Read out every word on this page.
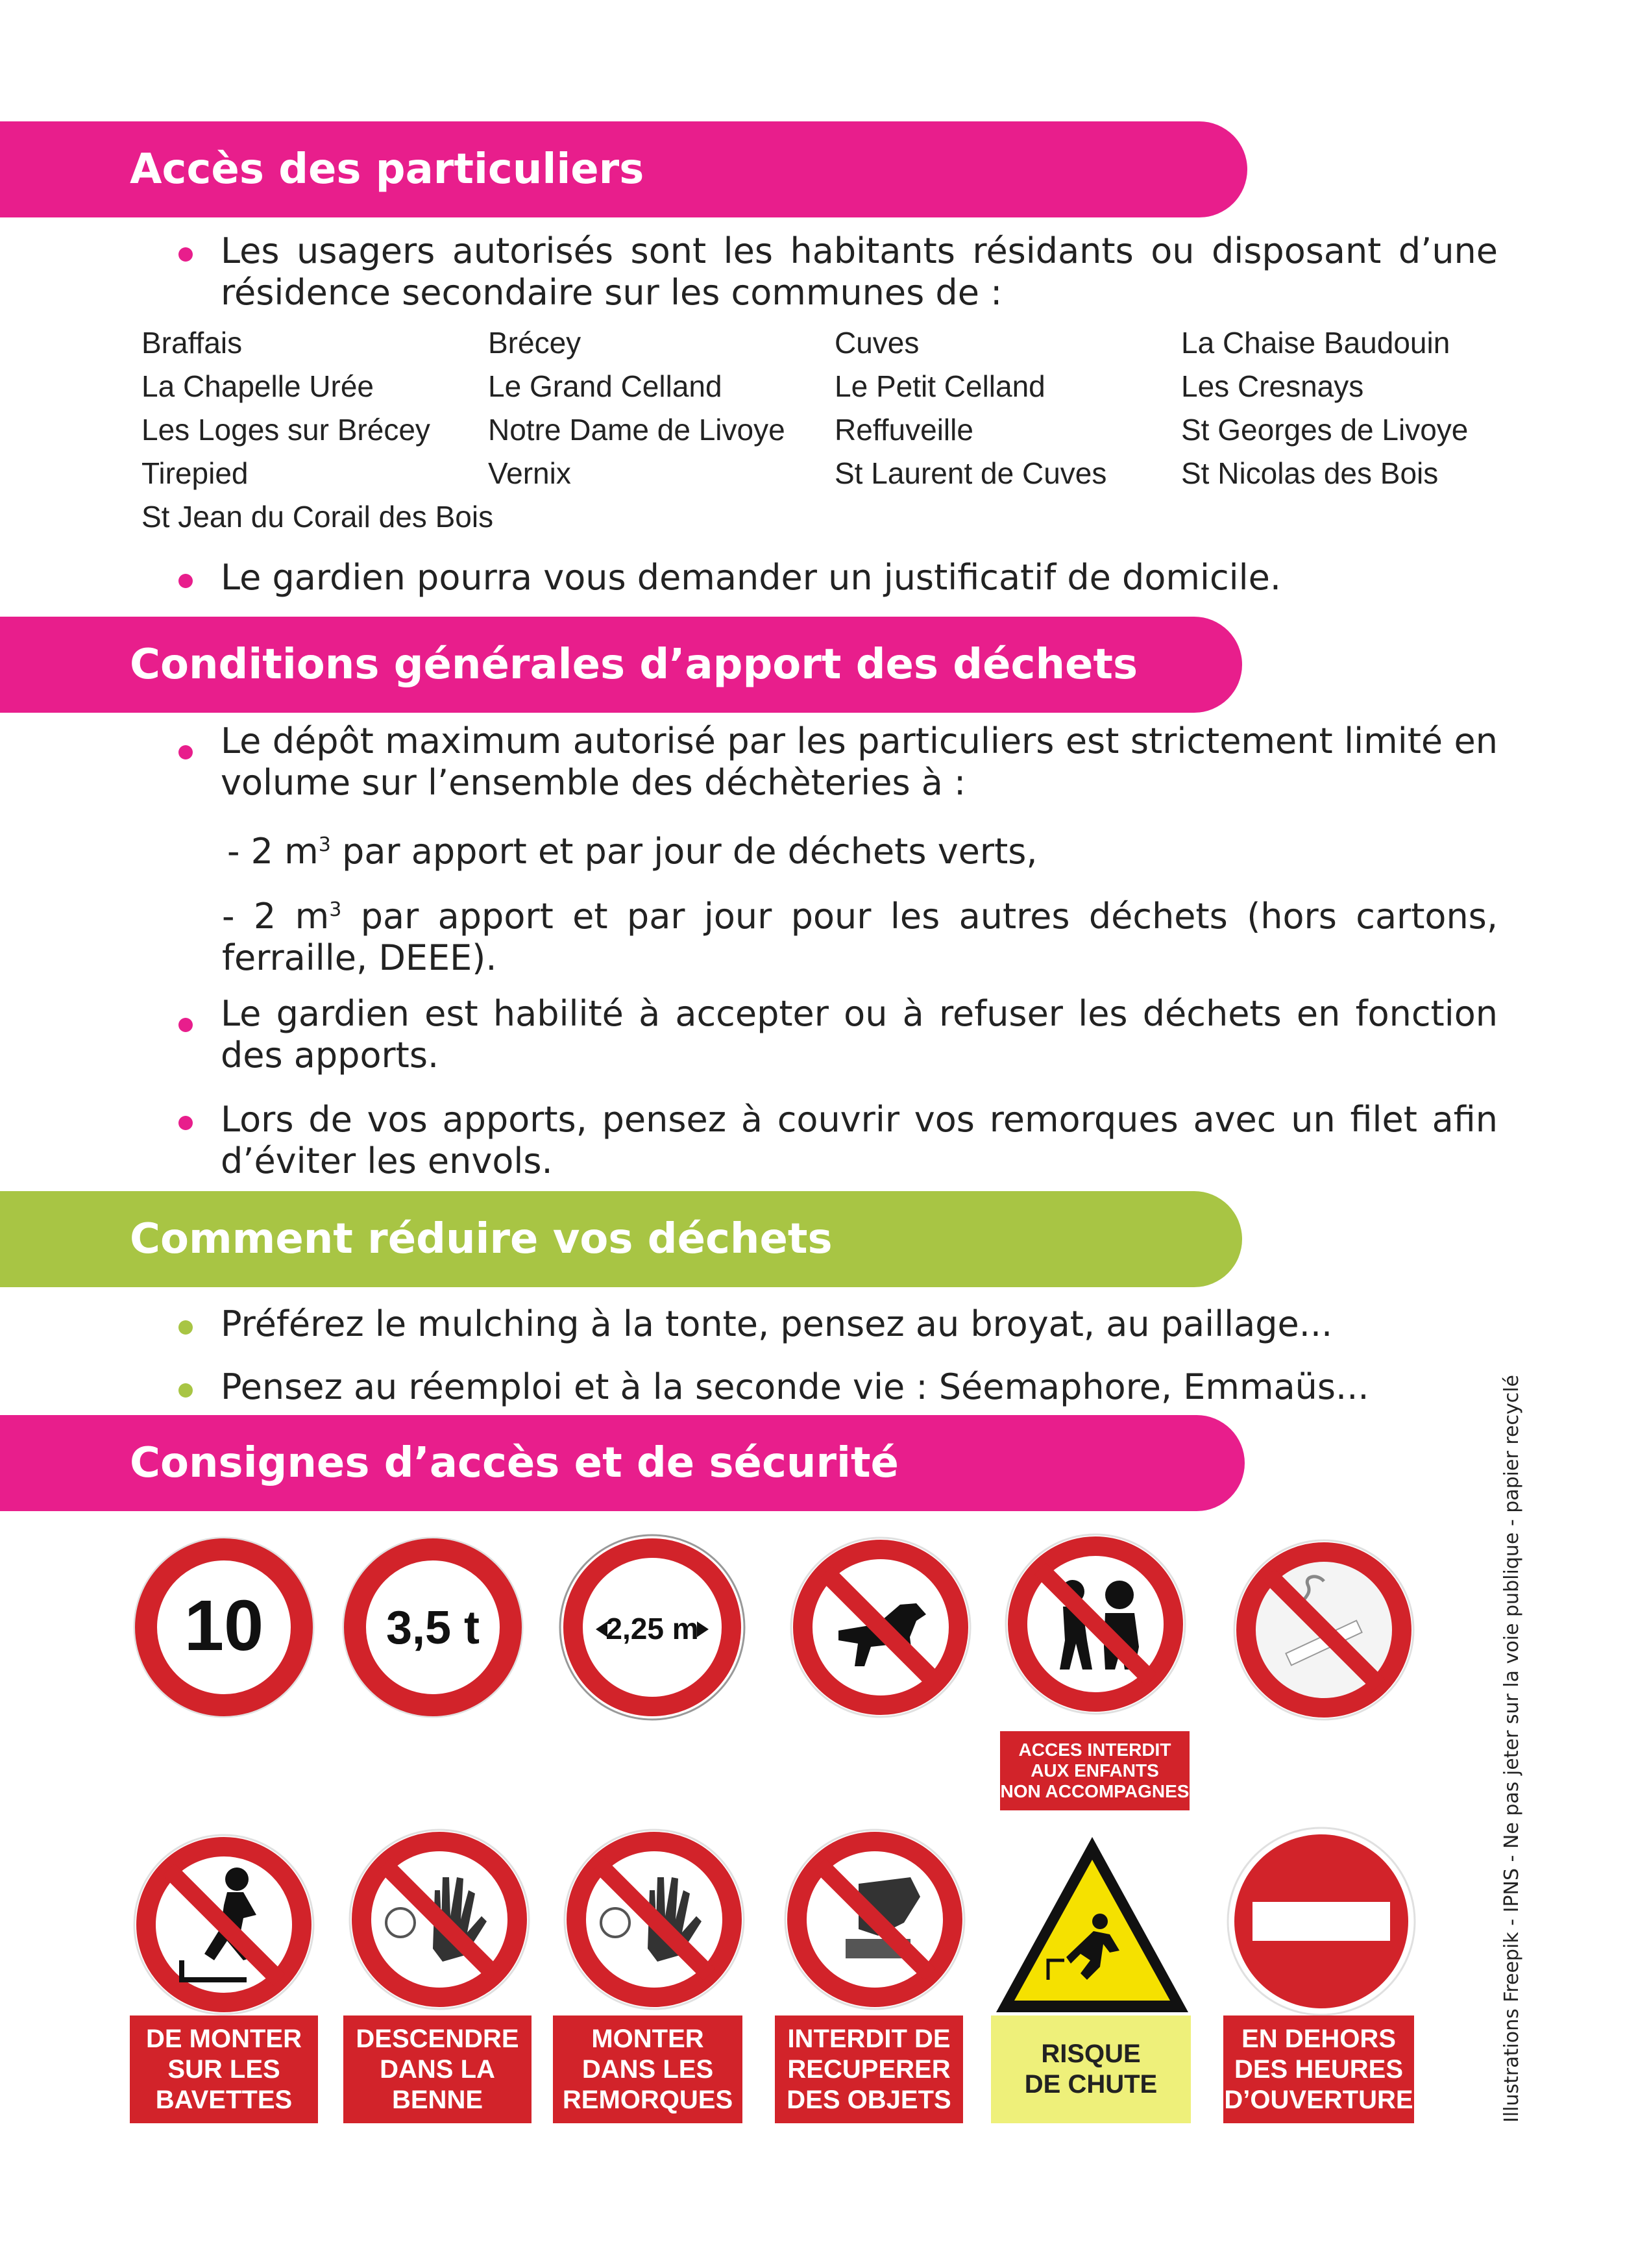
Accès des particuliers
Les usagers autorisés sont les habitants résidants ou disposant d’une résidence secondaire sur les communes de :
Braffais	Brécey	Cuves	La Chaise Baudouin
La Chapelle Urée	Le Grand Celland	Le Petit Celland	Les Cresnays
Les Loges sur Brécey	Notre Dame de Livoye	Reffuveille	St Georges de Livoye
Tirepied	Vernix	St Laurent de Cuves	St Nicolas des Bois
St Jean du Corail des Bois
Le gardien pourra vous demander un justificatif de domicile.
Conditions générales d’apport des déchets
Le dépôt maximum autorisé par les particuliers est strictement limité en volume sur l’ensemble des déchèteries à :
- 2 $m^3$ par apport et par jour de déchets verts,
- 2 $m^3$ par apport et par jour pour les autres déchets (hors cartons, ferraille, DEEE).
Le gardien est habilité à accepter ou à refuser les déchets en fonction des apports.
Lors de vos apports, pensez à couvrir vos remorques avec un filet afin d’éviter les envols.
Comment réduire vos déchets
Préférez le mulching à la tonte, pensez au broyat, au paillage...
Pensez au réemploi et à la seconde vie : Séemaphore, Emmaüs...
Consignes d’accès et de sécurité
10	3,5 t	2,25 m
ACCES INTERDIT
AUX ENFANTS
NON ACCOMPAGNES
DE MONTER
SUR LES
BAVETTES
DESCENDRE
DANS LA
BENNE
MONTER
DANS LES
REMORQUES
INTERDIT DE
RECUPERER
DES OBJETS
RISQUE
DE CHUTE
EN DEHORS
DES HEURES
D’OUVERTURE	Illustrations Freepik - IPNS - Ne pas jeter sur la voie publique - papier recyclé
